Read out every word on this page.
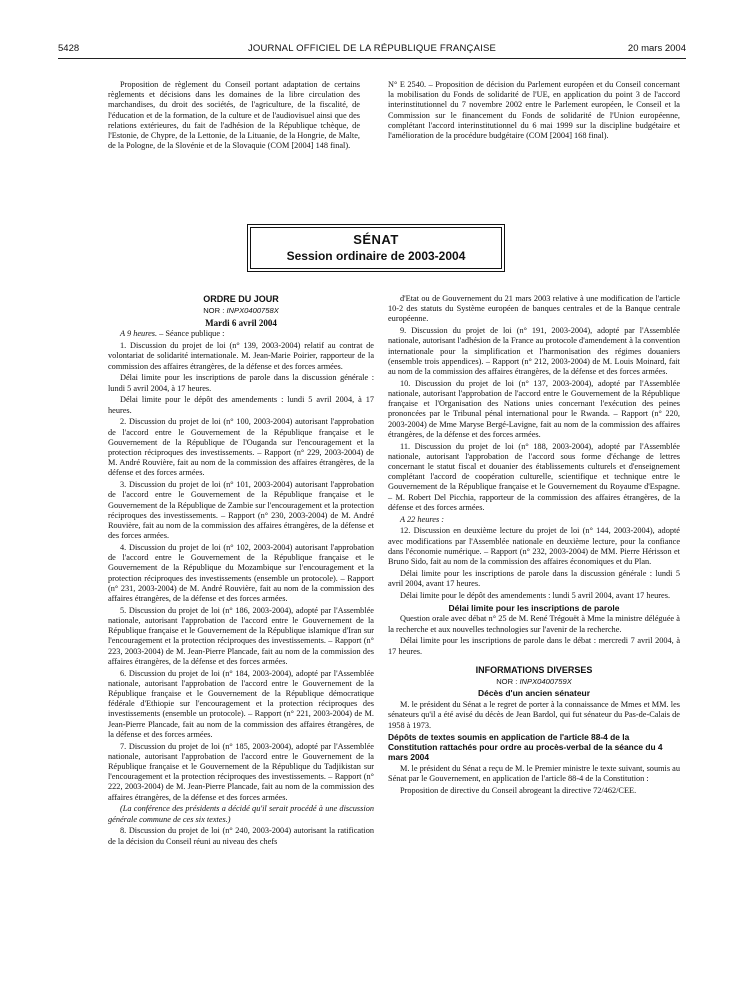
5428	JOURNAL OFFICIEL DE LA RÉPUBLIQUE FRANÇAISE	20 mars 2004

Proposition de règlement du Conseil portant adaptation de certains règlements et décisions dans les domaines de la libre circulation des marchandises, du droit des sociétés, de l'agriculture, de la fiscalité, de l'éducation et de la formation, de la culture et de l'audiovisuel ainsi que des relations extérieures, du fait de l'adhésion de la République tchèque, de l'Estonie, de Chypre, de la Lettonie, de la Lituanie, de la Hongrie, de Malte, de la Pologne, de la Slovénie et de la Slovaquie (COM [2004] 148 final).

N° E 2540. – Proposition de décision du Parlement européen et du Conseil concernant la mobilisation du Fonds de solidarité de l'UE, en application du point 3 de l'accord interinstitutionnel du 7 novembre 2002 entre le Parlement européen, le Conseil et la Commission sur le financement du Fonds de solidarité de l'Union européenne, complétant l'accord interinstitutionnel du 6 mai 1999 sur la discipline budgétaire et l'amélioration de la procédure budgétaire (COM [2004] 168 final).

SÉNAT
Session ordinaire de 2003-2004

ORDRE DU JOUR

NOR : INPX0400758X

Mardi 6 avril 2004

A 9 heures. – Séance publique :

1. Discussion du projet de loi (n° 139, 2003-2004) relatif au contrat de volontariat de solidarité internationale. M. Jean-Marie Poirier, rapporteur de la commission des affaires étrangères, de la défense et des forces armées.

Délai limite pour les inscriptions de parole dans la discussion générale : lundi 5 avril 2004, à 17 heures.

Délai limite pour le dépôt des amendements : lundi 5 avril 2004, à 17 heures.

2. Discussion du projet de loi (n° 100, 2003-2004) autorisant l'approbation de l'accord entre le Gouvernement de la République française et le Gouvernement de la République de l'Ouganda sur l'encouragement et la protection réciproques des investissements. – Rapport (n° 229, 2003-2004) de M. André Rouvière, fait au nom de la commission des affaires étrangères, de la défense et des forces armées.

3. Discussion du projet de loi (n° 101, 2003-2004) autorisant l'approbation de l'accord entre le Gouvernement de la République française et le Gouvernement de la République de Zambie sur l'encouragement et la protection réciproques des investissements. – Rapport (n° 230, 2003-2004) de M. André Rouvière, fait au nom de la commission des affaires étrangères, de la défense et des forces armées.

4. Discussion du projet de loi (n° 102, 2003-2004) autorisant l'approbation de l'accord entre le Gouvernement de la République française et le Gouvernement de la République du Mozambique sur l'encouragement et la protection réciproques des investissements (ensemble un protocole). – Rapport (n° 231, 2003-2004) de M. André Rouvière, fait au nom de la commission des affaires étrangères, de la défense et des forces armées.

5. Discussion du projet de loi (n° 186, 2003-2004), adopté par l'Assemblée nationale, autorisant l'approbation de l'accord entre le Gouvernement de la République française et le Gouvernement de la République islamique d'Iran sur l'encouragement et la protection réciproques des investissements. – Rapport (n° 223, 2003-2004) de M. Jean-Pierre Plancade, fait au nom de la commission des affaires étrangères, de la défense et des forces armées.

6. Discussion du projet de loi (n° 184, 2003-2004), adopté par l'Assemblée nationale, autorisant l'approbation de l'accord entre le Gouvernement de la République française et le Gouvernement de la République démocratique fédérale d'Ethiopie sur l'encouragement et la protection réciproques des investissements (ensemble un protocole). – Rapport (n° 221, 2003-2004) de M. Jean-Pierre Plancade, fait au nom de la commission des affaires étrangères, de la défense et des forces armées.

7. Discussion du projet de loi (n° 185, 2003-2004), adopté par l'Assemblée nationale, autorisant l'approbation de l'accord entre le Gouvernement de la République française et le Gouvernement de la République du Tadjikistan sur l'encouragement et la protection réciproques des investissements. – Rapport (n° 222, 2003-2004) de M. Jean-Pierre Plancade, fait au nom de la commission des affaires étrangères, de la défense et des forces armées.

(La conférence des présidents a décidé qu'il serait procédé à une discussion générale commune de ces six textes.)

8. Discussion du projet de loi (n° 240, 2003-2004) autorisant la ratification de la décision du Conseil réuni au niveau des chefs

d'Etat ou de Gouvernement du 21 mars 2003 relative à une modification de l'article 10-2 des statuts du Système européen de banques centrales et de la Banque centrale européenne.

9. Discussion du projet de loi (n° 191, 2003-2004), adopté par l'Assemblée nationale, autorisant l'adhésion de la France au protocole d'amendement à la convention internationale pour la simplification et l'harmonisation des régimes douaniers (ensemble trois appendices). – Rapport (n° 212, 2003-2004) de M. Louis Moinard, fait au nom de la commission des affaires étrangères, de la défense et des forces armées.

10. Discussion du projet de loi (n° 137, 2003-2004), adopté par l'Assemblée nationale, autorisant l'approbation de l'accord entre le Gouvernement de la République française et l'Organisation des Nations unies concernant l'exécution des peines prononcées par le Tribunal pénal international pour le Rwanda. – Rapport (n° 220, 2003-2004) de Mme Maryse Bergé-Lavigne, fait au nom de la commission des affaires étrangères, de la défense et des forces armées.

11. Discussion du projet de loi (n° 188, 2003-2004), adopté par l'Assemblée nationale, autorisant l'approbation de l'accord sous forme d'échange de lettres concernant le statut fiscal et douanier des établissements culturels et d'enseignement complétant l'accord de coopération culturelle, scientifique et technique entre le Gouvernement de la République française et le Gouvernement du Royaume d'Espagne. – M. Robert Del Picchia, rapporteur de la commission des affaires étrangères, de la défense et des forces armées.

A 22 heures :

12. Discussion en deuxième lecture du projet de loi (n° 144, 2003-2004), adopté avec modifications par l'Assemblée nationale en deuxième lecture, pour la confiance dans l'économie numérique. – Rapport (n° 232, 2003-2004) de MM. Pierre Hérisson et Bruno Sido, fait au nom de la commission des affaires économiques et du Plan.

Délai limite pour les inscriptions de parole dans la discussion générale : lundi 5 avril 2004, avant 17 heures.

Délai limite pour le dépôt des amendements : lundi 5 avril 2004, avant 17 heures.

Délai limite pour les inscriptions de parole

Question orale avec débat n° 25 de M. René Trégouët à Mme la ministre déléguée à la recherche et aux nouvelles technologies sur l'avenir de la recherche.

Délai limite pour les inscriptions de parole dans le débat : mercredi 7 avril 2004, à 17 heures.

INFORMATIONS DIVERSES

NOR : INPX0400759X

Décès d'un ancien sénateur

M. le président du Sénat a le regret de porter à la connaissance de Mmes et MM. les sénateurs qu'il a été avisé du décès de Jean Bardol, qui fut sénateur du Pas-de-Calais de 1958 à 1973.

Dépôts de textes soumis en application de l'article 88-4 de la Constitution rattachés pour ordre au procès-verbal de la séance du 4 mars 2004

M. le président du Sénat a reçu de M. le Premier ministre le texte suivant, soumis au Sénat par le Gouvernement, en application de l'article 88-4 de la Constitution :

Proposition de directive du Conseil abrogeant la directive 72/462/CEE.
